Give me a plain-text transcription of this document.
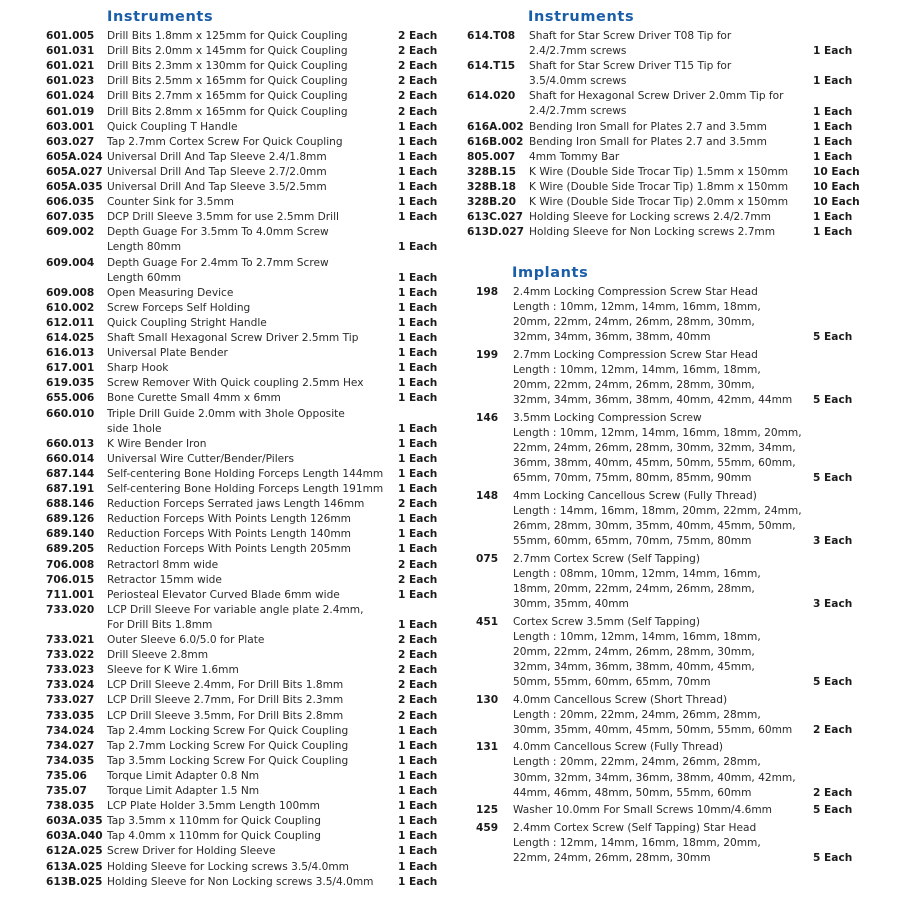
Instruments	Instruments
Implants
601.005 Drill Bits 1.8mm x 125mm for Quick Coupling	2 Each
601.031 Drill Bits 2.0mm x 145mm for Quick Coupling	2 Each
601.021 Drill Bits 2.3mm x 130mm for Quick Coupling	2 Each
601.023 Drill Bits 2.5mm x 165mm for Quick Coupling	2 Each
601.024 Drill Bits 2.7mm x 165mm for Quick Coupling	2 Each
601.019 Drill Bits 2.8mm x 165mm for Quick Coupling	2 Each
603.001 Quick Coupling T Handle	1 Each
603.027 Tap 2.7mm Cortex Screw For Quick Coupling	1 Each
605A.024 Universal Drill And Tap Sleeve 2.4/1.8mm	1 Each
605A.027 Universal Drill And Tap Sleeve 2.7/2.0mm	1 Each
605A.035 Universal Drill And Tap Sleeve 3.5/2.5mm	1 Each
606.035 Counter Sink for 3.5mm	1 Each
607.035 DCP Drill Sleeve 3.5mm for use 2.5mm Drill	1 Each
609.002 Depth Guage For 3.5mm To 4.0mm Screw
Length 80mm	1 Each
609.004 Depth Guage For 2.4mm To 2.7mm Screw
Length 60mm	1 Each
609.008 Open Measuring Device	1 Each
610.002 Screw Forceps Self Holding	1 Each
612.011 Quick Coupling Stright Handle	1 Each
614.025 Shaft Small Hexagonal Screw Driver 2.5mm Tip	1 Each
616.013 Universal Plate Bender	1 Each
617.001 Sharp Hook	1 Each
619.035 Screw Remover With Quick coupling 2.5mm Hex	1 Each
655.006 Bone Curette Small 4mm x 6mm	1 Each
660.010 Triple Drill Guide 2.0mm with 3hole Opposite
side 1hole	1 Each
660.013 K Wire Bender Iron	1 Each
660.014 Universal Wire Cutter/Bender/Pilers	1 Each
687.144 Self-centering Bone Holding Forceps Length 144mm 1 Each
687.191 Self-centering Bone Holding Forceps Length 191mm 1 Each
688.146 Reduction Forceps Serrated jaws Length 146mm	2 Each
689.126 Reduction Forceps With Points Length 126mm	1 Each
689.140 Reduction Forceps With Points Length 140mm	1 Each
689.205 Reduction Forceps With Points Length 205mm	1 Each
706.008 Retractorl 8mm wide	2 Each
706.015 Retractor 15mm wide	2 Each
711.001 Periosteal Elevator Curved Blade 6mm wide	1 Each
733.020 LCP Drill Sleeve For variable angle plate 2.4mm,
For Drill Bits 1.8mm	1 Each
733.021 Outer Sleeve 6.0/5.0 for Plate	2 Each
733.022 Drill Sleeve 2.8mm	2 Each
733.023 Sleeve for K Wire 1.6mm	2 Each
733.024 LCP Drill Sleeve 2.4mm, For Drill Bits 1.8mm	2 Each
733.027 LCP Drill Sleeve 2.7mm, For Drill Bits 2.3mm	2 Each
733.035 LCP Drill Sleeve 3.5mm, For Drill Bits 2.8mm	2 Each
734.024 Tap 2.4mm Locking Screw For Quick Coupling	1 Each
734.027 Tap 2.7mm Locking Screw For Quick Coupling	1 Each
734.035 Tap 3.5mm Locking Screw For Quick Coupling	1 Each
735.06 Torque Limit Adapter 0.8 Nm	1 Each
735.07 Torque Limit Adapter 1.5 Nm	1 Each
738.035 LCP Plate Holder 3.5mm Length 100mm	1 Each
603A.035 Tap 3.5mm x 110mm for Quick Coupling	1 Each
603A.040 Tap 4.0mm x 110mm for Quick Coupling	1 Each
612A.025 Screw Driver for Holding Sleeve	1 Each
613A.025 Holding Sleeve for Locking screws 3.5/4.0mm	1 Each
613B.025 Holding Sleeve for Non Locking screws 3.5/4.0mm 1 Each
614.T08 Shaft for Star Screw Driver T08 Tip for
2.4/2.7mm screws	1 Each
614.T15 Shaft for Star Screw Driver T15 Tip for
3.5/4.0mm screws	1 Each
614.020 Shaft for Hexagonal Screw Driver 2.0mm Tip for
2.4/2.7mm screws	1 Each
616A.002 Bending Iron Small for Plates 2.7 and 3.5mm	1 Each
616B.002 Bending Iron Small for Plates 2.7 and 3.5mm	1 Each
805.007 4mm Tommy Bar	1 Each
328B.15 K Wire (Double Side Trocar Tip) 1.5mm x 150mm 10 Each
328B.18 K Wire (Double Side Trocar Tip) 1.8mm x 150mm 10 Each
328B.20 K Wire (Double Side Trocar Tip) 2.0mm x 150mm 10 Each
613C.027 Holding Sleeve for Locking screws 2.4/2.7mm	1 Each
613D.027 Holding Sleeve for Non Locking screws 2.7mm	1 Each
198 2.4mm Locking Compression Screw Star Head
Length : 10mm, 12mm, 14mm, 16mm, 18mm,
20mm, 22mm, 24mm, 26mm, 28mm, 30mm,
32mm, 34mm, 36mm, 38mm, 40mm	5 Each
199 2.7mm Locking Compression Screw Star Head
Length : 10mm, 12mm, 14mm, 16mm, 18mm,
20mm, 22mm, 24mm, 26mm, 28mm, 30mm,
32mm, 34mm, 36mm, 38mm, 40mm, 42mm, 44mm 5 Each
146 3.5mm Locking Compression Screw
Length : 10mm, 12mm, 14mm, 16mm, 18mm, 20mm,
22mm, 24mm, 26mm, 28mm, 30mm, 32mm, 34mm,
36mm, 38mm, 40mm, 45mm, 50mm, 55mm, 60mm,
65mm, 70mm, 75mm, 80mm, 85mm, 90mm	5 Each
148 4mm Locking Cancellous Screw (Fully Thread)
Length : 14mm, 16mm, 18mm, 20mm, 22mm, 24mm,
26mm, 28mm, 30mm, 35mm, 40mm, 45mm, 50mm,
55mm, 60mm, 65mm, 70mm, 75mm, 80mm	3 Each
075 2.7mm Cortex Screw (Self Tapping)
Length : 08mm, 10mm, 12mm, 14mm, 16mm,
18mm, 20mm, 22mm, 24mm, 26mm, 28mm,
30mm, 35mm, 40mm	3 Each
451 Cortex Screw 3.5mm (Self Tapping)
Length : 10mm, 12mm, 14mm, 16mm, 18mm,
20mm, 22mm, 24mm, 26mm, 28mm, 30mm,
32mm, 34mm, 36mm, 38mm, 40mm, 45mm,
50mm, 55mm, 60mm, 65mm, 70mm	5 Each
130 4.0mm Cancellous Screw (Short Thread)
Length : 20mm, 22mm, 24mm, 26mm, 28mm,
30mm, 35mm, 40mm, 45mm, 50mm, 55mm, 60mm 2 Each
131 4.0mm Cancellous Screw (Fully Thread)
Length : 20mm, 22mm, 24mm, 26mm, 28mm,
30mm, 32mm, 34mm, 36mm, 38mm, 40mm, 42mm,
44mm, 46mm, 48mm, 50mm, 55mm, 60mm	2 Each
125 Washer 10.0mm For Small Screws 10mm/4.6mm	5 Each
459 2.4mm Cortex Screw (Self Tapping) Star Head
Length : 12mm, 14mm, 16mm, 18mm, 20mm,
22mm, 24mm, 26mm, 28mm, 30mm	5 Each
